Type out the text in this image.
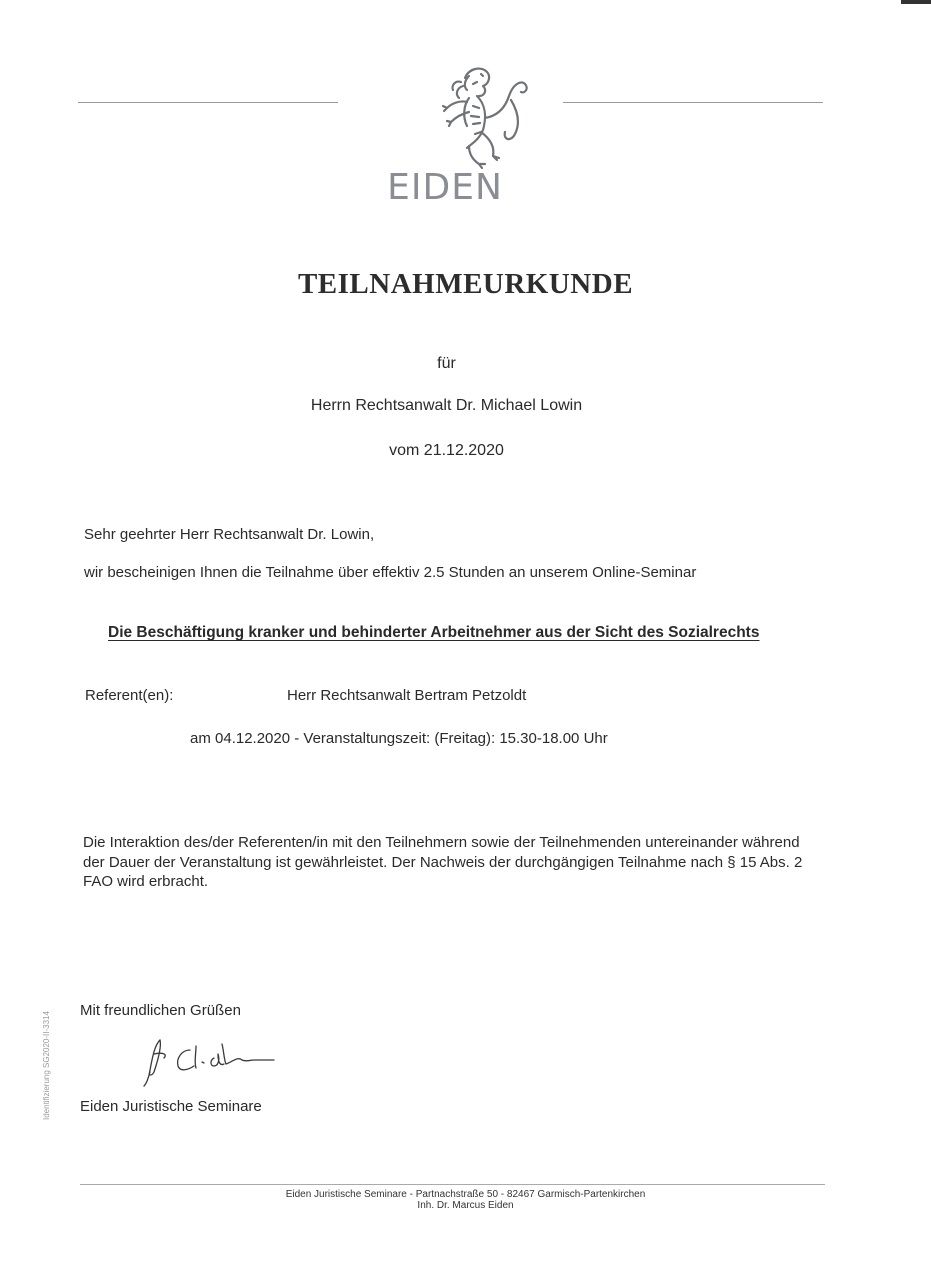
EIDEN
TEILNAHMEURKUNDE
für
Herrn Rechtsanwalt Dr. Michael Lowin
vom 21.12.2020
Sehr geehrter Herr Rechtsanwalt Dr. Lowin,
wir bescheinigen Ihnen die Teilnahme über effektiv 2.5 Stunden an unserem Online-Seminar
Die Beschäftigung kranker und behinderter Arbeitnehmer aus der Sicht des Sozialrechts
Referent(en):	Herr Rechtsanwalt Bertram Petzoldt
am 04.12.2020 - Veranstaltungszeit: (Freitag): 15.30-18.00 Uhr
Die Interaktion des/der Referenten/in mit den Teilnehmern sowie der Teilnehmenden untereinander während der Dauer der Veranstaltung ist gewährleistet. Der Nachweis der durchgängigen Teilnahme nach § 15 Abs. 2 FAO wird erbracht.
Mit freundlichen Grüßen
Eiden Juristische Seminare
Identifizierung SG2020-II-3314
Eiden Juristische Seminare - Partnachstraße 50 - 82467 Garmisch-Partenkirchen
Inh. Dr. Marcus Eiden
